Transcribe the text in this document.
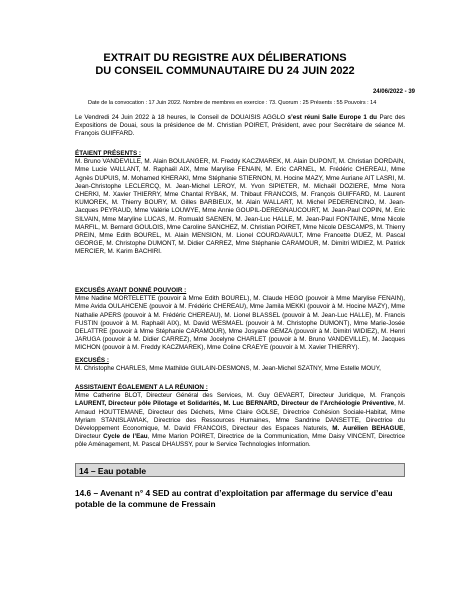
EXTRAIT DU REGISTRE AUX DÉLIBERATIONS
DU CONSEIL COMMUNAUTAIRE DU 24 JUIN 2022
24/06/2022 - 39
Date de la convocation : 17 Juin 2022. Nombre de membres en exercice : 73. Quorum : 25 Présents : 55 Pouvoirs : 14
Le Vendredi 24 Juin 2022 à 18 heures, le Conseil de DOUAISIS AGGLO s’est réuni Salle Europe 1 du Parc des Expositions de Douai, sous la présidence de M. Christian POIRET, Président, avec pour Secrétaire de séance M. François GUIFFARD.
ÉTAIENT PRÉSENTS :
M. Bruno VANDEVILLE, M. Alain BOULANGER, M. Freddy KACZMAREK, M. Alain DUPONT, M. Christian DORDAIN, Mme Lucie VAILLANT, M. Raphaël AIX, Mme Marylise FENAIN, M. Eric CARNEL, M. Frédéric CHEREAU, Mme Agnès DUPUIS, M. Mohamed KHERAKI, Mme Stéphanie STIERNON, M. Hocine MAZY, Mme Auriane AIT LASRI, M. Jean-Christophe LECLERCQ, M. Jean-Michel LEROY, M. Yvon SIPIETER, M. Michaël DOZIERE, Mme Nora CHERKI, M. Xavier THIERRY, Mme Chantal RYBAK, M. Thibaut FRANCOIS, M. François GUIFFARD, M. Laurent KUMOREK, M. Thierry BOURY, M. Gilles BARBIEUX, M. Alain WALLART, M. Michel PEDERENCINO, M. Jean-Jacques PEYRAUD, Mme Valérie LOUWYE, Mme Annie GOUPIL-DEREGNAUCOURT, M. Jean-Paul COPIN, M. Eric SILVAIN, Mme Maryline LUCAS, M. Romuald SAENEN, M. Jean-Luc HALLE, M. Jean-Paul FONTAINE, Mme Nicole MARFIL, M. Bernard GOULOIS, Mme Caroline SANCHEZ, M. Christian POIRET, Mme Nicole DESCAMPS, M. Thierry PREIN, Mme Edith BOUREL, M. Alain MENSION, M. Lionel COURDAVAULT, Mme Francette DUEZ, M. Pascal GEORGE, M. Christophe DUMONT, M. Didier CARREZ, Mme Stéphanie CARAMOUR, M. Dimitri WIDIEZ, M. Patrick MERCIER, M. Karim BACHIRI.
EXCUSÉS AYANT DONNÉ POUVOIR :
Mme Nadine MORTELETTE (pouvoir à Mme Edith BOUREL), M. Claude HEGO (pouvoir à Mme Marylise FENAIN), Mme Avida OULAHCENE (pouvoir à M. Frédéric CHEREAU), Mme Jamila MEKKI (pouvoir à M. Hocine MAZY), Mme Nathalie APERS (pouvoir à M. Frédéric CHEREAU), M. Lionel BLASSEL (pouvoir à M. Jean-Luc HALLE), M. Francis FUSTIN (pouvoir à M. Raphaël AIX), M. David WESMAEL (pouvoir à M. Christophe DUMONT), Mme Marie-Josée DELATTRE (pouvoir à Mme Stéphanie CARAMOUR), Mme Josyane GEMZA (pouvoir à M. Dimitri WIDIEZ), M. Henri JARUGA (pouvoir à M. Didier CARREZ), Mme Jocelyne CHARLET (pouvoir à M. Bruno VANDEVILLE), M. Jacques MICHON (pouvoir à M. Freddy KACZMAREK), Mme Coline CRAEYE (pouvoir à M. Xavier THIERRY).
EXCUSÉS :
M. Christophe CHARLES, Mme Mathilde GUILAIN-DESMONS, M. Jean-Michel SZATNY, Mme Estelle MOUY,
ASSISTAIENT ÉGALEMENT A LA RÉUNION :
Mme Catherine BLOT, Directeur Général des Services, M. Guy GEVAERT, Directeur Juridique, M. François LAURENT, Directeur pôle Pilotage et Solidarités, M. Luc BERNARD, Directeur de l’Archéologie Préventive, M. Arnaud HOUTTEMANE, Directeur des Déchets, Mme Claire GOLSE, Directrice Cohésion Sociale-Habitat, Mme Myriam STANISLAWIAK, Directrice des Ressources Humaines, Mme Sandrine DANSETTE, Directrice du Développement Economique, M. David FRANCOIS, Directeur des Espaces Naturels, M. Aurélien BEHAGUE, Directeur Cycle de l’Eau, Mme Marion POIRET, Directrice de la Communication, Mme Daisy VINCENT, Directrice pôle Aménagement, M. Pascal DHAUSSY, pour le Service Technologies Information.
14 – Eau potable
14.6 – Avenant n° 4 SED au contrat d’exploitation par affermage du service d’eau potable de la commune de Fressain
